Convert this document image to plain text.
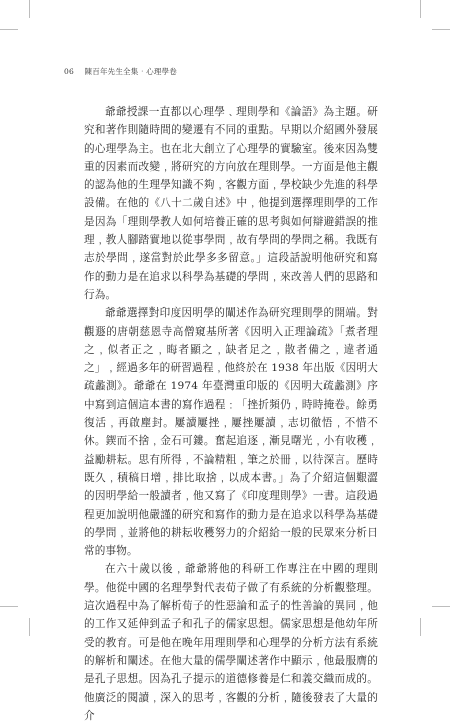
06 陳百年先生全集‧心理學卷

爺爺授課一直都以心理學﹑理則學和《論語》為主題。研究和著作則隨時間的變遷有不同的重點。早期以介紹國外發展的心理學為主。也在北大創立了心理學的實驗室。後來因為雙重的因素而改變﹐將研究的方向放在理則學。一方面是他主觀的認為他的生理學知識不夠﹐客觀方面﹐學校缺少先進的科學設備。在他的《八十二歲自述》中﹐他提到選擇理則學的工作是因為「理則學教人如何培養正確的思考與如何辯避錯誤的推理﹐教人腳踏實地以從事學問﹐故有學問的學問之稱。我既有志於學問﹐遂當對於此學多多留意。」這段話說明他研究和寫作的動力是在追求以科學為基礎的學問﹐來改善人們的思路和行為。

爺爺選擇對印度因明學的闡述作為研究理則學的開端。對觀遯的唐朝慈恩寺高僧窺基所著《因明入正理論疏》「煮者理之﹐似者正之﹐晦者顯之﹐缺者足之﹐散者備之﹐違者通之」﹐經過多年的研習過程﹐他終於在 1938 年出版《因明大疏蠡測》。爺爺在 1974 年臺灣重印版的《因明大疏蠡測》序中寫到這個這本書的寫作過程﹕「挫折頻仍﹐時時掩卷。餘勇復活﹐再啟塵封。屢讀屢挫﹐屢挫屢讀﹐志切徹悟﹐不惜不休。鍥而不捨﹐金石可鏤。奮起追逐﹐漸見曙光﹐小有收穫﹐益勵耕耘。思有所得﹐不論精粗﹐筆之於冊﹐以待深言。歷時既久﹐積稿日增﹐排比取捨﹐以成本書。」為了介紹這個艱澀的因明學給一般讀者﹐他又寫了《印度理則學》一書。這段過程更加說明他嚴謹的研究和寫作的動力是在追求以科學為基礎的學問﹐並將他的耕耘收穫努力的介紹給一般的民眾來分析日常的事物。

在六十歲以後﹐爺爺將他的科研工作專注在中國的理則學。他從中國的名理學對代表荀子做了有系統的分析觀整理。這次過程中為了解析荀子的性惡論和孟子的性善論的異同﹐他的工作又延伸到孟子和孔子的儒家思想。儒家思想是他幼年所受的教育。可是他在晚年用理則學和心理學的分析方法有系統的解析和闡述。在他大量的儒學闡述著作中顯示﹐他最服膺的是孔子思想。因為孔子提示的道德修養是仁和義交織而成的。他廣泛的閱讀﹐深入的思考﹐客觀的分析﹐隨後發表了大量的介
